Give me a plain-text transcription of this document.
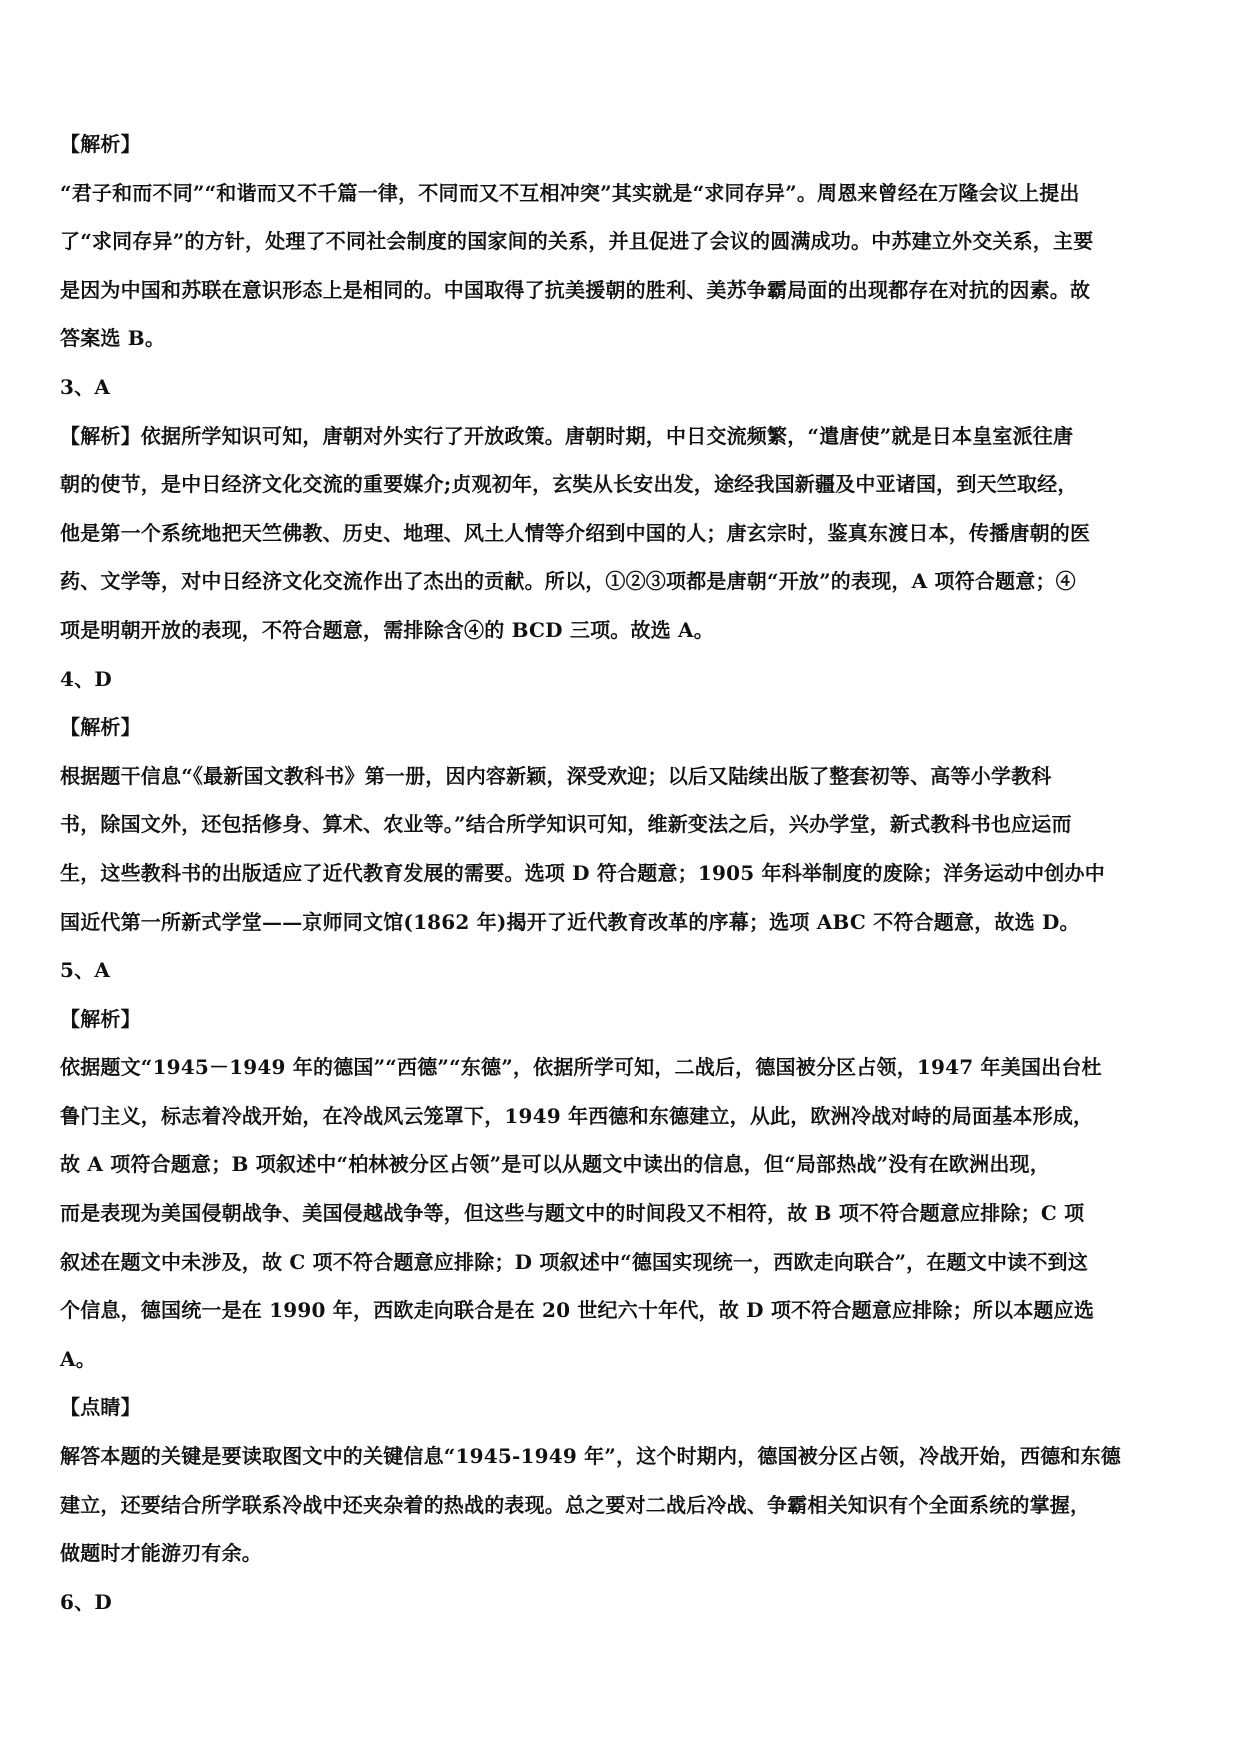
【解析】
“君子和而不同”“和谐而又不千篇一律，不同而又不互相冲突”其实就是“求同存异”。周恩来曾经在万隆会议上提出
了“求同存异”的方针，处理了不同社会制度的国家间的关系，并且促进了会议的圆满成功。中苏建立外交关系，主要
是因为中国和苏联在意识形态上是相同的。中国取得了抗美援朝的胜利、美苏争霸局面的出现都存在对抗的因素。故
答案选 B。
3、A
【解析】依据所学知识可知，唐朝对外实行了开放政策。唐朝时期，中日交流频繁，“遣唐使”就是日本皇室派往唐
朝的使节，是中日经济文化交流的重要媒介;贞观初年，玄奘从长安出发，途经我国新疆及中亚诸国，到天竺取经，
他是第一个系统地把天竺佛教、历史、地理、风土人情等介绍到中国的人；唐玄宗时，鉴真东渡日本，传播唐朝的医
药、文学等，对中日经济文化交流作出了杰出的贡献。所以，①②③项都是唐朝“开放”的表现，A 项符合题意；④
项是明朝开放的表现，不符合题意，需排除含④的 BCD 三项。故选 A。
4、D
【解析】
根据题干信息“《最新国文教科书》第一册，因内容新颖，深受欢迎；以后又陆续出版了整套初等、高等小学教科
书，除国文外，还包括修身、算术、农业等。”结合所学知识可知，维新变法之后，兴办学堂，新式教科书也应运而
生，这些教科书的出版适应了近代教育发展的需要。选项 D 符合题意；1905 年科举制度的废除；洋务运动中创办中
国近代第一所新式学堂——京师同文馆(1862 年)揭开了近代教育改革的序幕；选项 ABC 不符合题意，故选 D。
5、A
【解析】
依据题文“1945－1949 年的德国”“西德”“东德”，依据所学可知，二战后，德国被分区占领，1947 年美国出台杜
鲁门主义，标志着冷战开始，在冷战风云笼罩下，1949 年西德和东德建立，从此，欧洲冷战对峙的局面基本形成，
故 A 项符合题意；B 项叙述中“柏林被分区占领”是可以从题文中读出的信息，但“局部热战”没有在欧洲出现，
而是表现为美国侵朝战争、美国侵越战争等，但这些与题文中的时间段又不相符，故 B 项不符合题意应排除；C 项
叙述在题文中未涉及，故 C 项不符合题意应排除；D 项叙述中“德国实现统一，西欧走向联合”，在题文中读不到这
个信息，德国统一是在 1990 年，西欧走向联合是在 20 世纪六十年代，故 D 项不符合题意应排除；所以本题应选
A。
【点睛】
解答本题的关键是要读取图文中的关键信息“1945-1949 年”，这个时期内，德国被分区占领，冷战开始，西德和东德
建立，还要结合所学联系冷战中还夹杂着的热战的表现。总之要对二战后冷战、争霸相关知识有个全面系统的掌握，
做题时才能游刃有余。
6、D
